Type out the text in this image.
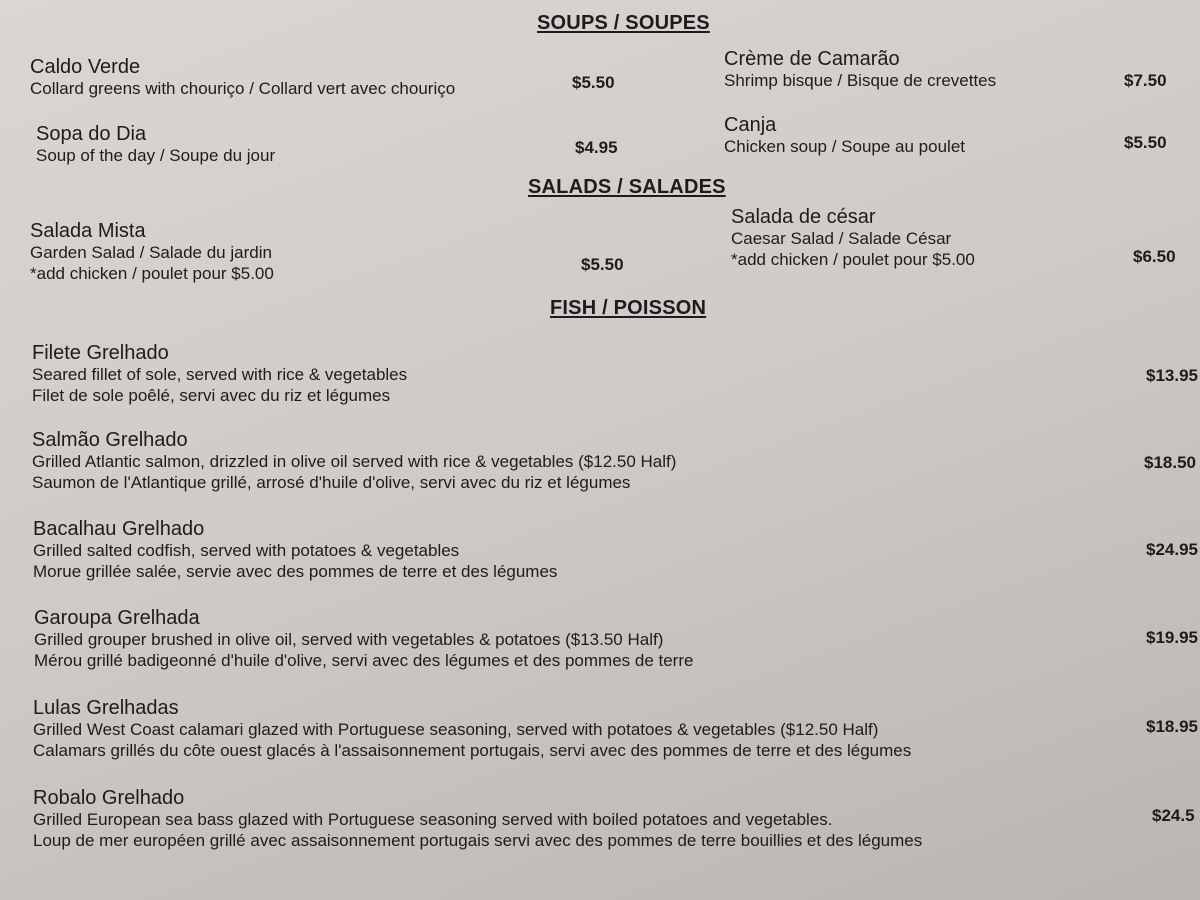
SOUPS / SOUPES
Caldo Verde
Collard greens with chouriço / Collard vert avec chouriço	$5.50
Crème de Camarão
Shrimp bisque / Bisque de crevettes	$7.50
Sopa do Dia
Soup of the day / Soupe du jour	$4.95
Canja
Chicken soup / Soupe au poulet	$5.50
SALADS / SALADES
Salada Mista
Garden Salad / Salade du jardin
*add chicken / poulet pour $5.00	$5.50
Salada de césar
Caesar Salad / Salade César
*add chicken / poulet pour $5.00	$6.50
FISH / POISSON
Filete Grelhado
Seared fillet of sole, served with rice & vegetables
Filet de sole poêlé, servi avec du riz et légumes
$13.95
Salmão Grelhado
Grilled Atlantic salmon, drizzled in olive oil served with rice & vegetables ($12.50 Half)
Saumon de l'Atlantique grillé, arrosé d'huile d'olive, servi avec du riz et légumes
$18.50
Bacalhau Grelhado
Grilled salted codfish, served with potatoes & vegetables
Morue grillée salée, servie avec des pommes de terre et des légumes
$24.95
Garoupa Grelhada
Grilled grouper brushed in olive oil, served with vegetables & potatoes ($13.50 Half)
Mérou grillé badigeonné d'huile d'olive, servi avec des légumes et des pommes de terre
$19.95
Lulas Grelhadas
Grilled West Coast calamari glazed with Portuguese seasoning, served with potatoes & vegetables ($12.50 Half)
Calamars grillés du côte ouest glacés à l'assaisonnement portugais, servi avec des pommes de terre et des légumes
$18.95
Robalo Grelhado
Grilled European sea bass glazed with Portuguese seasoning served with boiled potatoes and vegetables.
Loup de mer européen grillé avec assaisonnement portugais servi avec des pommes de terre bouillies et des légumes
$24.5
